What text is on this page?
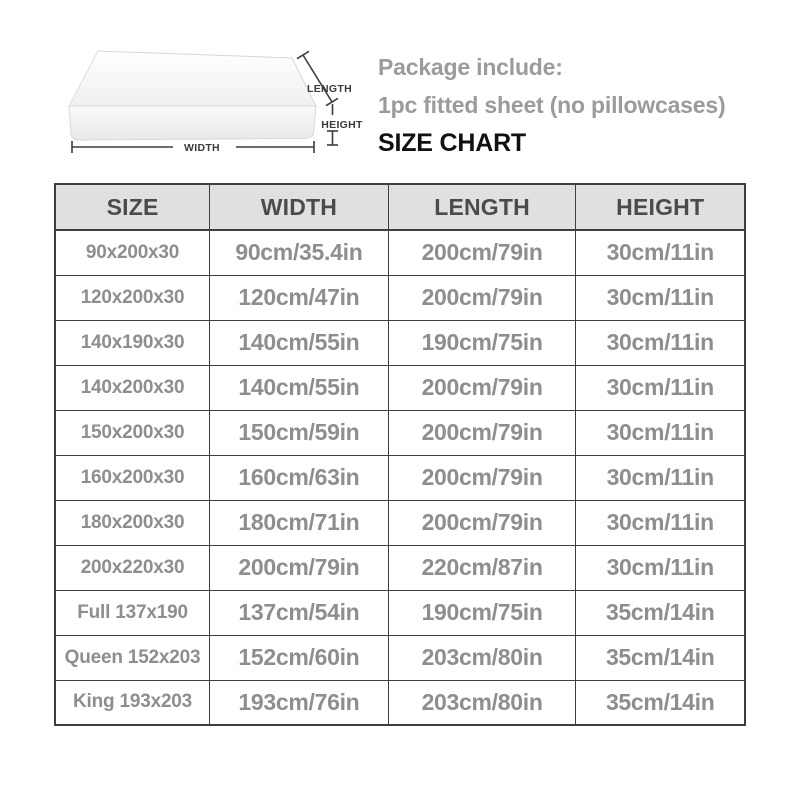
LENGTH
HEIGHT
WIDTH
Package include:
1pc fitted sheet (no pillowcases)
SIZE CHART
SIZE	WIDTH	LENGTH	HEIGHT
90x200x30	90cm/35.4in	200cm/79in	30cm/11in
120x200x30	120cm/47in	200cm/79in	30cm/11in
140x190x30	140cm/55in	190cm/75in	30cm/11in
140x200x30	140cm/55in	200cm/79in	30cm/11in
150x200x30	150cm/59in	200cm/79in	30cm/11in
160x200x30	160cm/63in	200cm/79in	30cm/11in
180x200x30	180cm/71in	200cm/79in	30cm/11in
200x220x30	200cm/79in	220cm/87in	30cm/11in
Full 137x190	137cm/54in	190cm/75in	35cm/14in
Queen 152x203	152cm/60in	203cm/80in	35cm/14in
King 193x203	193cm/76in	203cm/80in	35cm/14in
